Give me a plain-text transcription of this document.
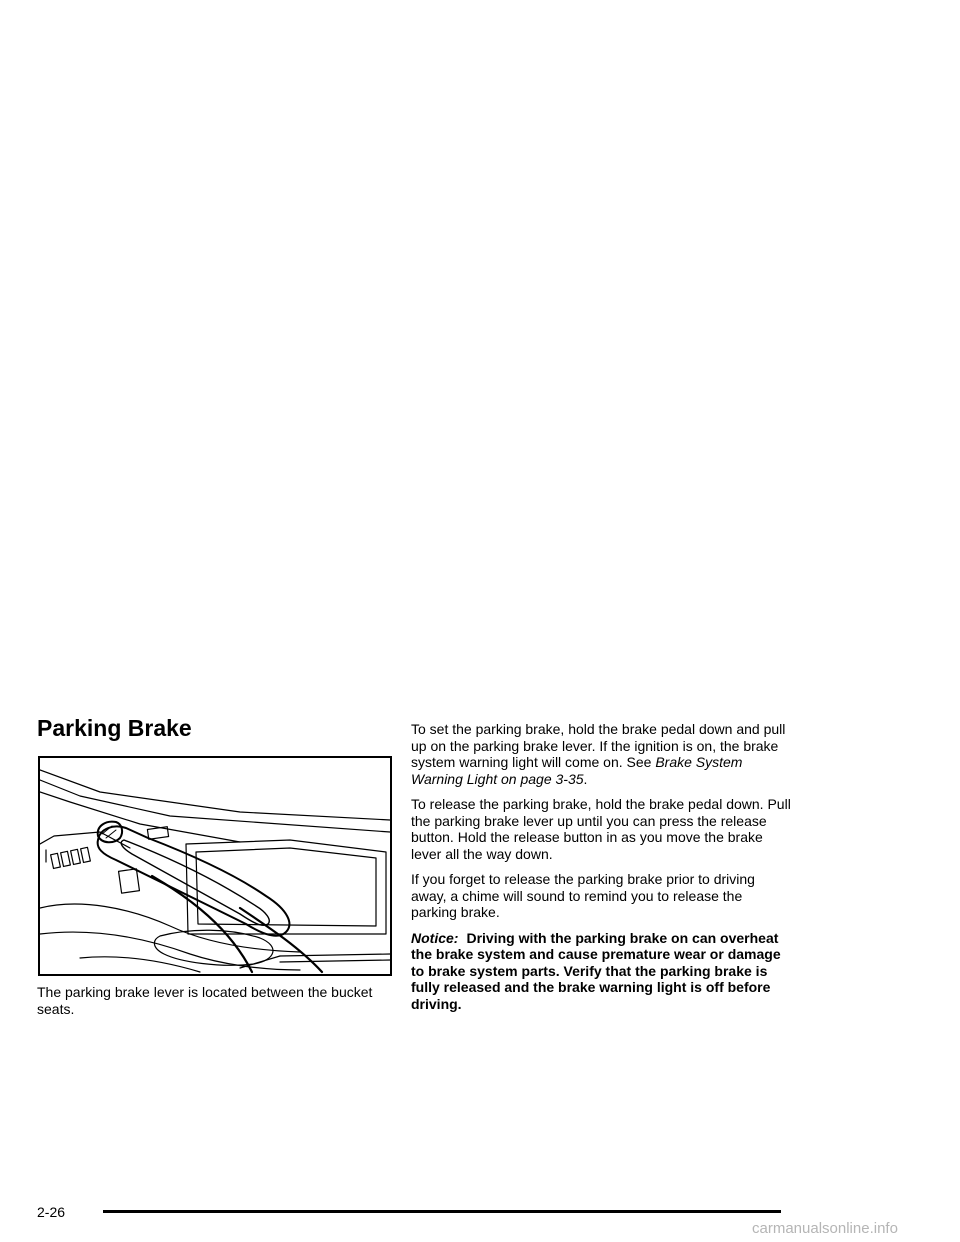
Parking Brake

The parking brake lever is located between the bucket seats.

To set the parking brake, hold the brake pedal down and pull up on the parking brake lever. If the ignition is on, the brake system warning light will come on. See Brake System Warning Light on page 3-35.

To release the parking brake, hold the brake pedal down. Pull the parking brake lever up until you can press the release button. Hold the release button in as you move the brake lever all the way down.

If you forget to release the parking brake prior to driving away, a chime will sound to remind you to release the parking brake.

Notice: Driving with the parking brake on can overheat the brake system and cause premature wear or damage to brake system parts. Verify that the parking brake is fully released and the brake warning light is off before driving.

2-26
carmanualsonline.info
